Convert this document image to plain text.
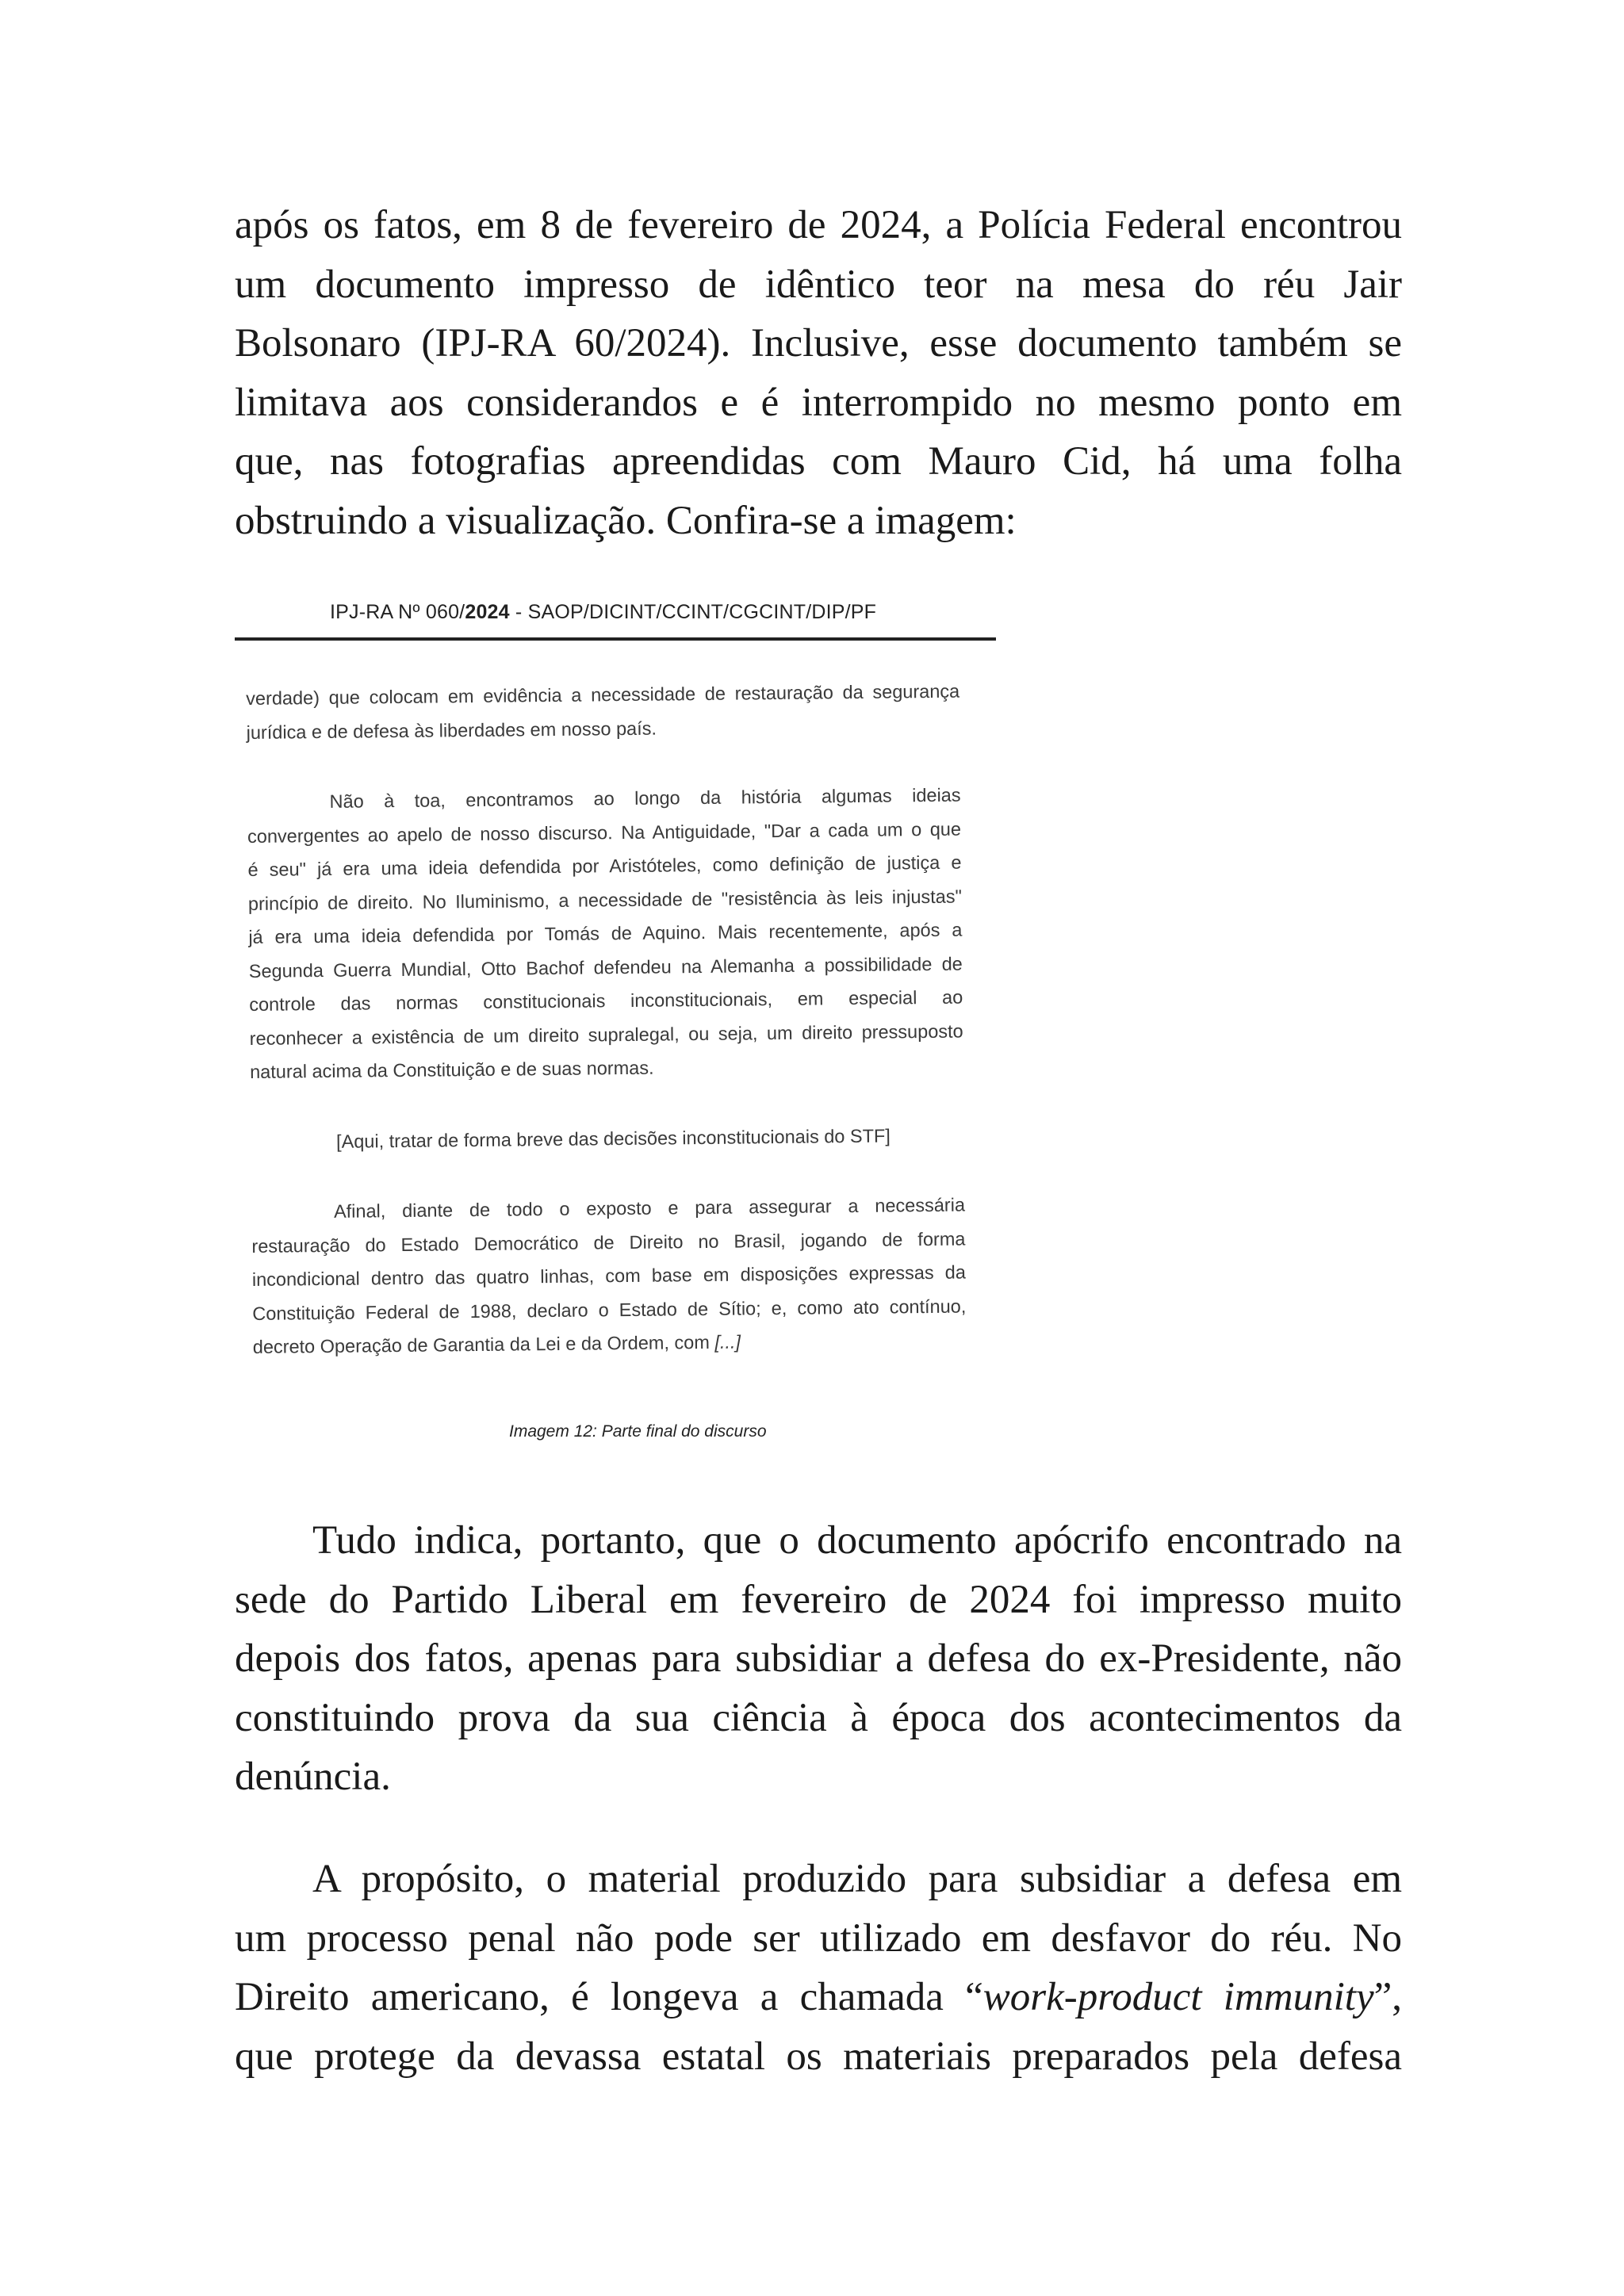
após os fatos, em 8 de fevereiro de 2024, a Polícia Federal encontrou
um documento impresso de idêntico teor na mesa do réu Jair
Bolsonaro (IPJ-RA 60/2024). Inclusive, esse documento também se
limitava aos considerandos e é interrompido no mesmo ponto em
que, nas fotografias apreendidas com Mauro Cid, há uma folha
obstruindo a visualização. Confira-se a imagem:
IPJ-RA Nº 060/2024 - SAOP/DICINT/CCINT/CGCINT/DIP/PF
verdade) que colocam em evidência a necessidade de restauração da segurança
jurídica e de defesa às liberdades em nosso país.
Não à toa, encontramos ao longo da história algumas ideias
convergentes ao apelo de nosso discurso. Na Antiguidade, "Dar a cada um o que
é seu" já era uma ideia defendida por Aristóteles, como definição de justiça e
princípio de direito. No Iluminismo, a necessidade de "resistência às leis injustas"
já era uma ideia defendida por Tomás de Aquino. Mais recentemente, após a
Segunda Guerra Mundial, Otto Bachof defendeu na Alemanha a possibilidade de
controle das normas constitucionais inconstitucionais, em especial ao
reconhecer a existência de um direito supralegal, ou seja, um direito pressuposto
natural acima da Constituição e de suas normas.
[Aqui, tratar de forma breve das decisões inconstitucionais do STF]
Afinal, diante de todo o exposto e para assegurar a necessária
restauração do Estado Democrático de Direito no Brasil, jogando de forma
incondicional dentro das quatro linhas, com base em disposições expressas da
Constituição Federal de 1988, declaro o Estado de Sítio; e, como ato contínuo,
decreto Operação de Garantia da Lei e da Ordem, com [...]
Imagem 12: Parte final do discurso
Tudo indica, portanto, que o documento apócrifo encontrado na
sede do Partido Liberal em fevereiro de 2024 foi impresso muito
depois dos fatos, apenas para subsidiar a defesa do ex-Presidente, não
constituindo prova da sua ciência à época dos acontecimentos da
denúncia.
A propósito, o material produzido para subsidiar a defesa em
um processo penal não pode ser utilizado em desfavor do réu. No
Direito americano, é longeva a chamada “work-product immunity”,
que protege da devassa estatal os materiais preparados pela defesa
